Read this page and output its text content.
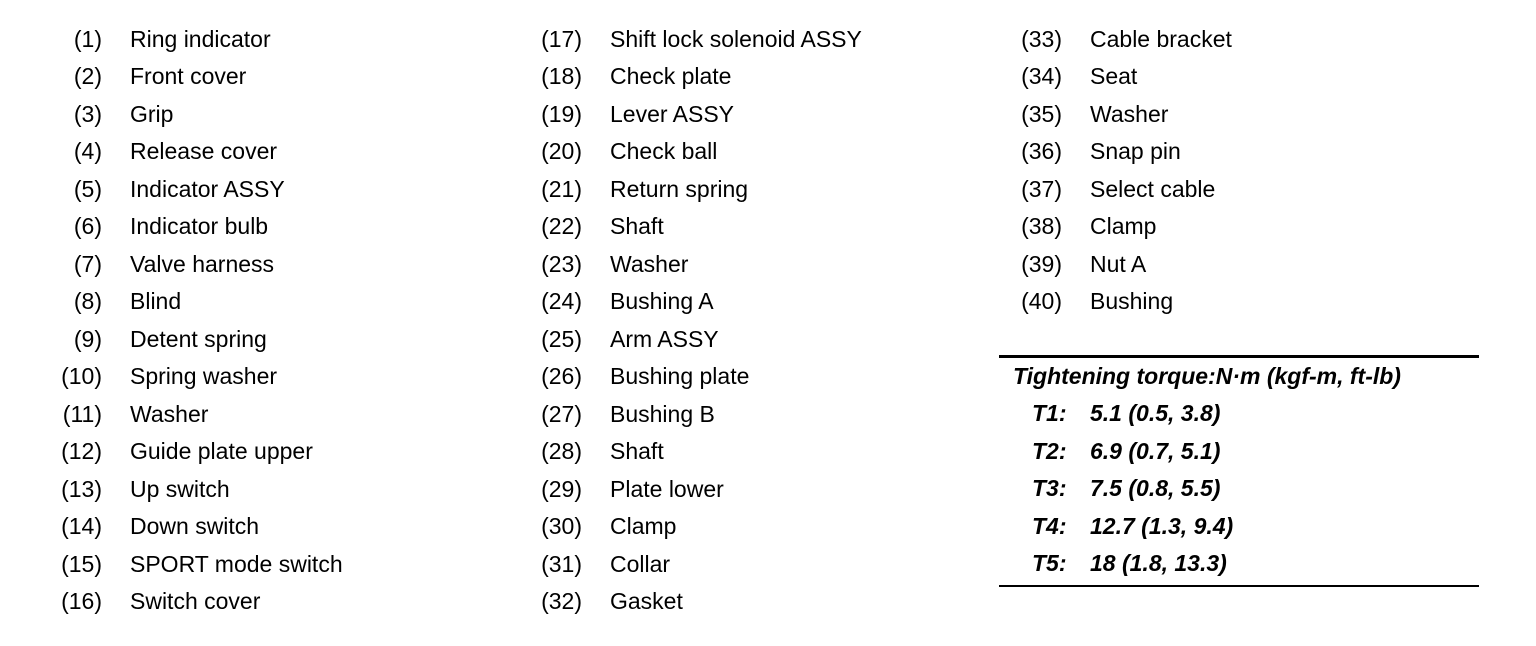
(1) Ring indicator
(2) Front cover
(3) Grip
(4) Release cover
(5) Indicator ASSY
(6) Indicator bulb
(7) Valve harness
(8) Blind
(9) Detent spring
(10) Spring washer
(11) Washer
(12) Guide plate upper
(13) Up switch
(14) Down switch
(15) SPORT mode switch
(16) Switch cover
(17) Shift lock solenoid ASSY
(18) Check plate
(19) Lever ASSY
(20) Check ball
(21) Return spring
(22) Shaft
(23) Washer
(24) Bushing A
(25) Arm ASSY
(26) Bushing plate
(27) Bushing B
(28) Shaft
(29) Plate lower
(30) Clamp
(31) Collar
(32) Gasket
(33) Cable bracket
(34) Seat
(35) Washer
(36) Snap pin
(37) Select cable
(38) Clamp
(39) Nut A
(40) Bushing
Tightening torque:N·m (kgf-m, ft-lb)
T1: 5.1 (0.5, 3.8)
T2: 6.9 (0.7, 5.1)
T3: 7.5 (0.8, 5.5)
T4: 12.7 (1.3, 9.4)
T5: 18 (1.8, 13.3)
